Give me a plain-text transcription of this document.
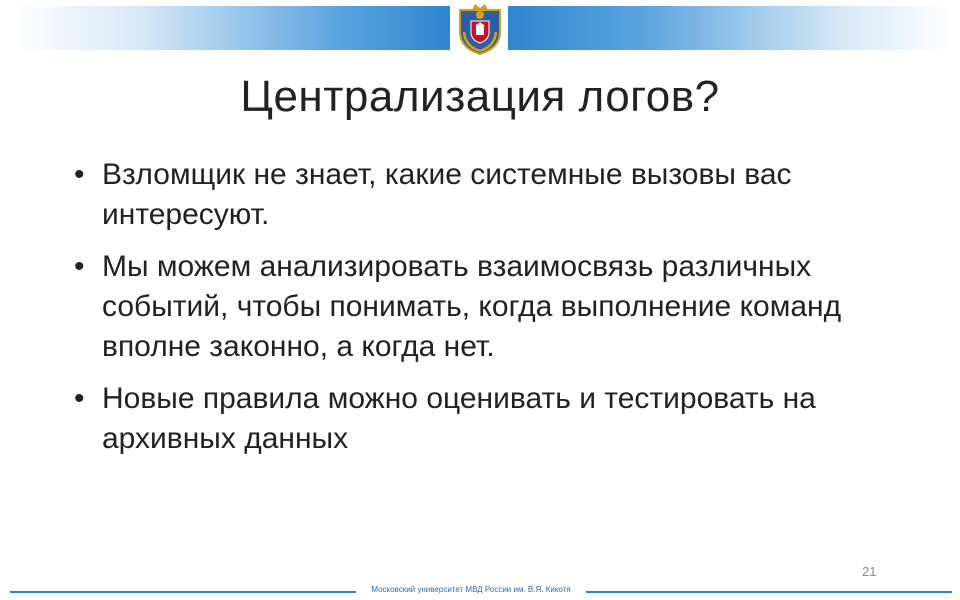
Централизация логов?
• Взломщик не знает, какие системные вызовы вас интересуют.
• Мы можем анализировать взаимосвязь различных событий, чтобы понимать, когда выполнение команд вполне законно, а когда нет.
• Новые правила можно оценивать и тестировать на архивных данных
21
Московский университет МВД России им. В.Я. Кикотя
